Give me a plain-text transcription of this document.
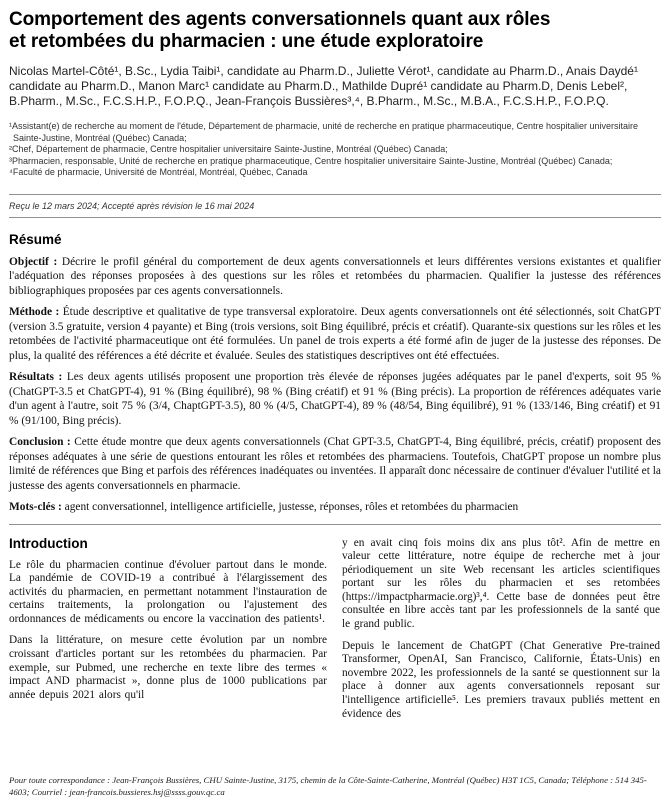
Comportement des agents conversationnels quant aux rôles
et retombées du pharmacien : une étude exploratoire

Nicolas Martel-Côté¹, B.Sc., Lydia Taibi¹, candidate au Pharm.D., Juliette Vérot¹, candidate au Pharm.D., Anais Daydé¹ candidate au Pharm.D., Manon Marc¹ candidate au Pharm.D., Mathilde Dupré¹ candidate au Pharm.D, Denis Lebel², B.Pharm., M.Sc., F.C.S.H.P., F.O.P.Q., Jean-François Bussières³,⁴, B.Pharm., M.Sc., M.B.A., F.C.S.H.P., F.O.P.Q.

¹Assistant(e) de recherche au moment de l'étude, Département de pharmacie, unité de recherche en pratique pharmaceutique, Centre hospitalier universitaire Sainte-Justine, Montréal (Québec) Canada;
²Chef, Département de pharmacie, Centre hospitalier universitaire Sainte-Justine, Montréal (Québec) Canada;
³Pharmacien, responsable, Unité de recherche en pratique pharmaceutique, Centre hospitalier universitaire Sainte-Justine, Montréal (Québec) Canada;
⁴Faculté de pharmacie, Université de Montréal, Montréal, Québec, Canada
Reçu le 12 mars 2024; Accepté après révision le 16 mai 2024
Résumé

Objectif : Décrire le profil général du comportement de deux agents conversationnels et leurs différentes versions existantes et qualifier l'adéquation des réponses proposées à des questions sur les rôles et retombées du pharmacien. Qualifier la justesse des références bibliographiques proposées par ces agents conversationnels.

Méthode : Étude descriptive et qualitative de type transversal exploratoire. Deux agents conversationnels ont été sélectionnés, soit ChatGPT (version 3.5 gratuite, version 4 payante) et Bing (trois versions, soit Bing équilibré, précis et créatif). Quarante-six questions sur les rôles et les retombées de l'activité pharmaceutique ont été formulées. Un panel de trois experts a été formé afin de juger de la justesse des réponses. De plus, la qualité des références a été décrite et évaluée. Seules des statistiques descriptives ont été effectuées.

Résultats : Les deux agents utilisés proposent une proportion très élevée de réponses jugées adéquates par le panel d'experts, soit 95 % (ChatGPT-3.5 et ChatGPT-4), 91 % (Bing équilibré), 98 % (Bing créatif) et 91 % (Bing précis). La proportion de références adéquates varie d'un agent à l'autre, soit 75 % (3/4, ChaptGPT-3.5), 80 % (4/5, ChatGPT-4), 89 % (48/54, Bing équilibré), 91 % (133/146, Bing créatif) et 91 % (91/100, Bing précis).

Conclusion : Cette étude montre que deux agents conversationnels (Chat GPT-3.5, ChatGPT-4, Bing équilibré, précis, créatif) proposent des réponses adéquates à une série de questions entourant les rôles et retombées des pharmaciens. Toutefois, ChatGPT propose un nombre plus limité de références que Bing et parfois des références inadéquates ou inventées. Il apparaît donc nécessaire de continuer d'évaluer l'utilité et la justesse des agents conversationnels en pharmacie.

Mots-clés : agent conversationnel, intelligence artificielle, justesse, réponses, rôles et retombées du pharmacien

Introduction

Le rôle du pharmacien continue d'évoluer partout dans le monde. La pandémie de COVID-19 a contribué à l'élargissement des activités du pharmacien, en permettant notamment l'instauration de certains traitements, la prolongation ou l'ajustement des ordonnances de médicaments ou encore la vaccination des patients¹.

Dans la littérature, on mesure cette évolution par un nombre croissant d'articles portant sur les retombées du pharmacien. Par exemple, sur Pubmed, une recherche en texte libre des termes « impact AND pharmacist », donne plus de 1000 publications par année depuis 2021 alors qu'il

y en avait cinq fois moins dix ans plus tôt². Afin de mettre en valeur cette littérature, notre équipe de recherche met à jour périodiquement un site Web recensant les articles scientifiques portant sur les rôles du pharmacien et ses retombées (https://impactpharmacie.org)³,⁴. Cette base de données peut être consultée en libre accès tant par les professionnels de la santé que le grand public.

Depuis le lancement de ChatGPT (Chat Generative Pre-trained Transformer, OpenAI, San Francisco, Californie, États-Unis) en novembre 2022, les professionnels de la santé se questionnent sur la place à donner aux agents conversationnels reposant sur l'intelligence artificielle⁵. Les premiers travaux publiés mettent en évidence des

Pour toute correspondance : Jean-François Bussières, CHU Sainte-Justine, 3175, chemin de la Côte-Sainte-Catherine, Montréal (Québec) H3T 1C5, Canada; Téléphone : 514 345-4603; Courriel : jean-francois.bussieres.hsj@ssss.gouv.qc.ca
